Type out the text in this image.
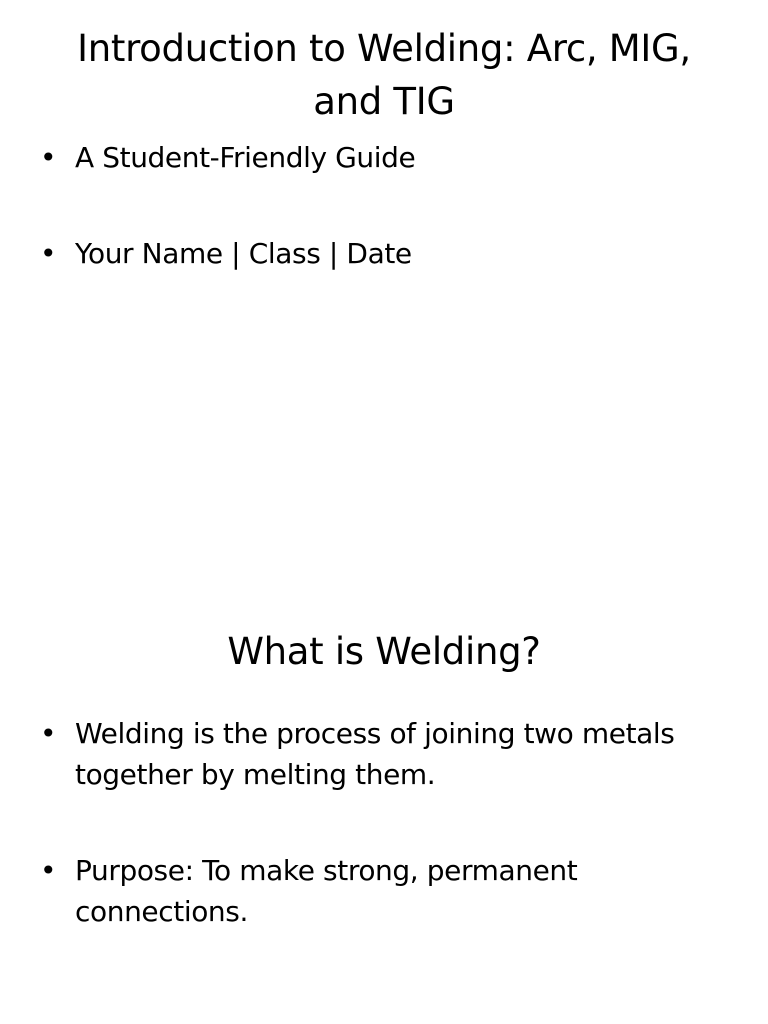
Introduction to Welding: Arc, MIG, and TIG
• A Student-Friendly Guide
• Your Name | Class | Date
What is Welding?
• Welding is the process of joining two metals together by melting them.
• Purpose: To make strong, permanent connections.
